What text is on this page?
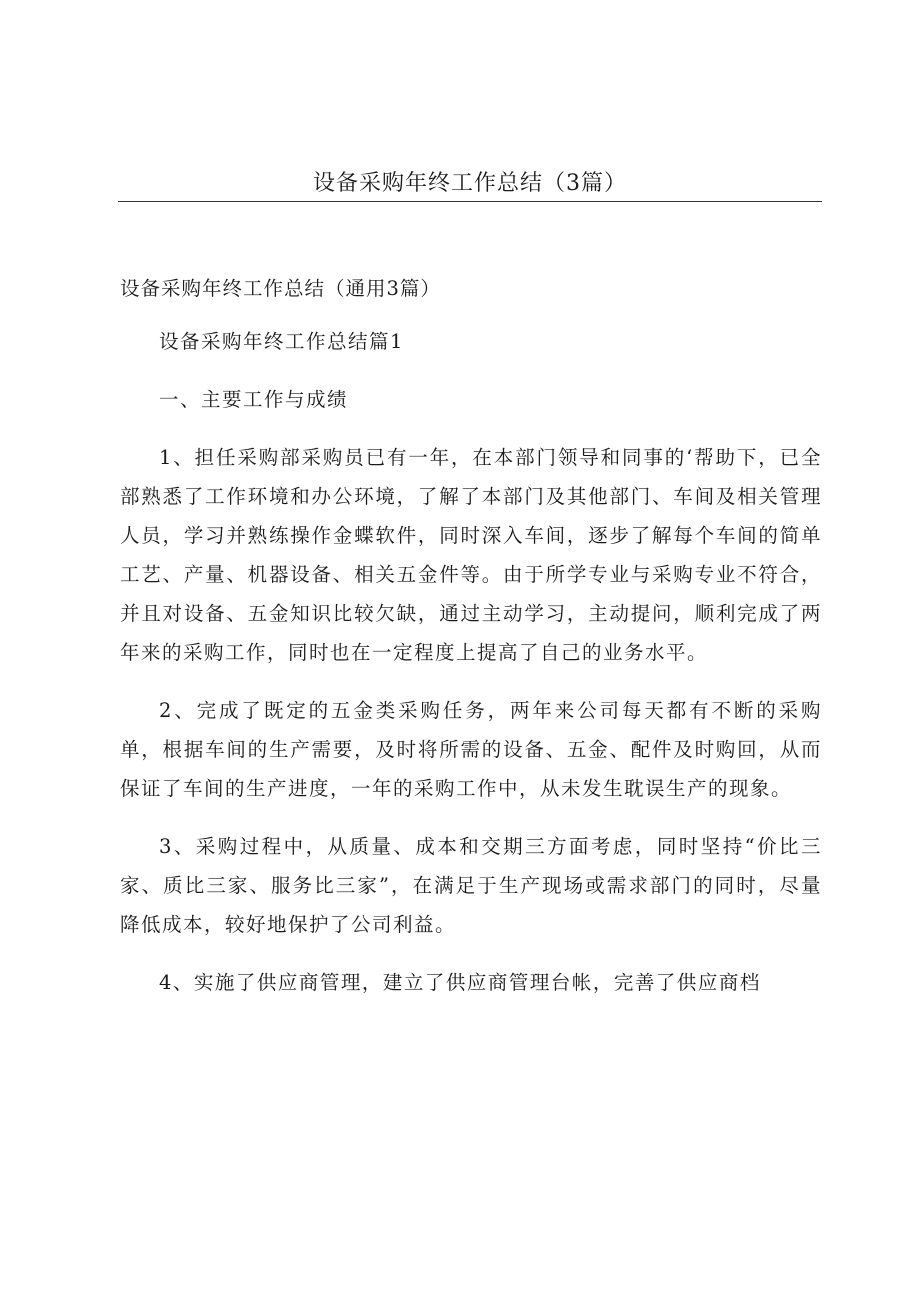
设备采购年终工作总结（3篇）

设备采购年终工作总结（通用3篇）

设备采购年终工作总结篇1

一、主要工作与成绩

1、担任采购部采购员已有一年，在本部门领导和同事的‘帮助下，已全部熟悉了工作环境和办公环境，了解了本部门及其他部门、车间及相关管理人员，学习并熟练操作金蝶软件，同时深入车间，逐步了解每个车间的简单工艺、产量、机器设备、相关五金件等。由于所学专业与采购专业不符合，并且对设备、五金知识比较欠缺，通过主动学习，主动提问，顺利完成了两年来的采购工作，同时也在一定程度上提高了自己的业务水平。

2、完成了既定的五金类采购任务，两年来公司每天都有不断的采购单，根据车间的生产需要，及时将所需的设备、五金、配件及时购回，从而保证了车间的生产进度，一年的采购工作中，从未发生耽误生产的现象。

3、采购过程中，从质量、成本和交期三方面考虑，同时坚持“价比三家、质比三家、服务比三家”，在满足于生产现场或需求部门的同时，尽量降低成本，较好地保护了公司利益。

4、实施了供应商管理，建立了供应商管理台帐，完善了供应商档
